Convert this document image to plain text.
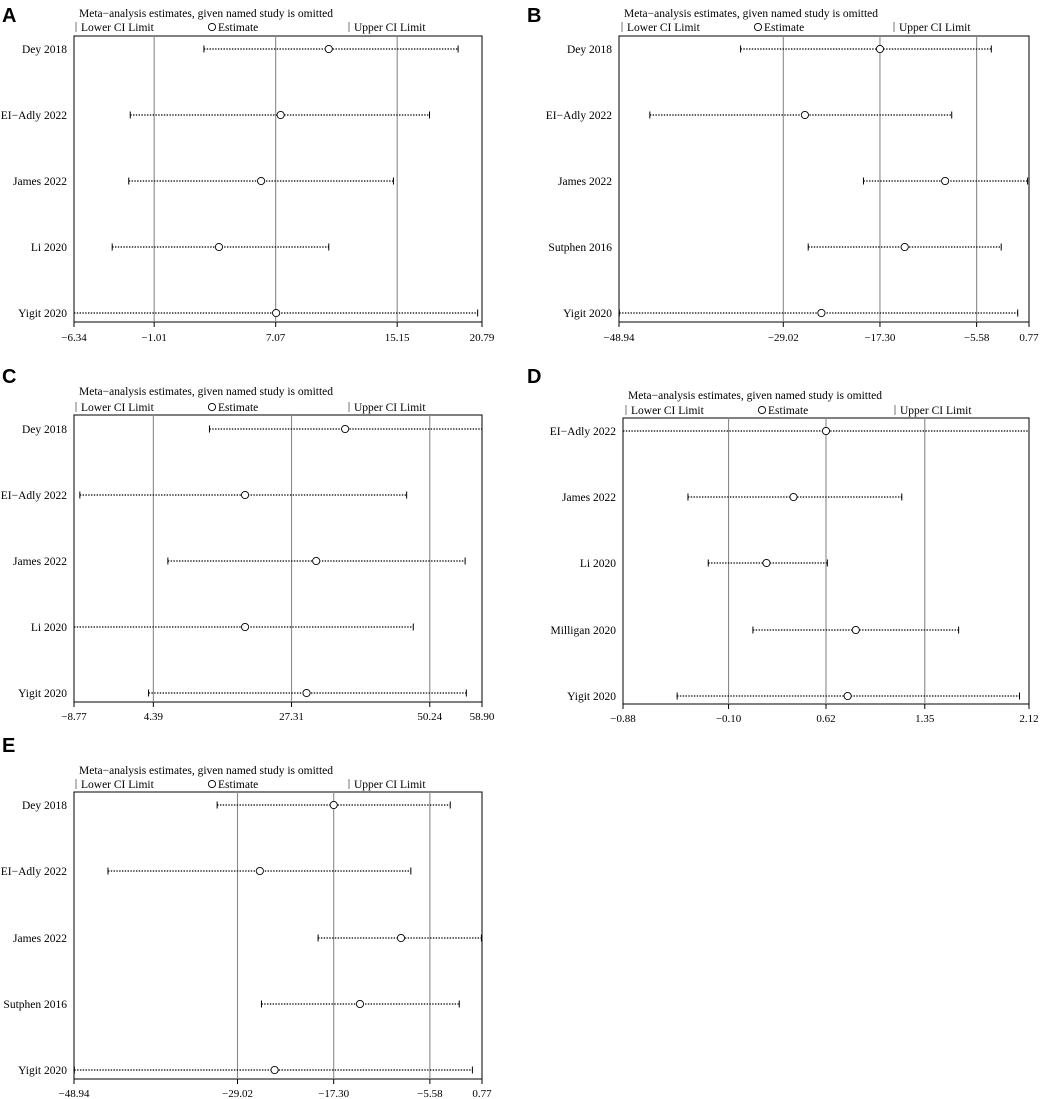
A	Meta−analysis estimates, given named study is omitted
Lower CI Limit	Estimate	Upper CI Limit
−6.34	−1.01	7.07	15.15	20.79
Dey 2018
EI−Adly 2022
James 2022
Li 2020
Yigit 2020
B	Meta−analysis estimates, given named study is omitted
Lower CI Limit	Estimate	Upper CI Limit
−48.94	−29.02	−17.30	−5.58	0.77
Dey 2018
EI−Adly 2022
James 2022
Sutphen 2016
Yigit 2020
C
Meta−analysis estimates, given named study is omitted
Lower CI Limit	Estimate	Upper CI Limit
−8.77	4.39	27.31	50.24 58.90
Dey 2018
EI−Adly 2022
James 2022
Li 2020
Yigit 2020
D
Meta−analysis estimates, given named study is omitted
Lower CI Limit	Estimate	Upper CI Limit
−0.88	−0.10	0.62	1.35	2.12
EI−Adly 2022
James 2022
Li 2020
Milligan 2020
Yigit 2020
E
Meta−analysis estimates, given named study is omitted
Lower CI Limit	Estimate	Upper CI Limit
−48.94	−29.02	−17.30	−5.58	0.77
Dey 2018
EI−Adly 2022
James 2022
Sutphen 2016
Yigit 2020
